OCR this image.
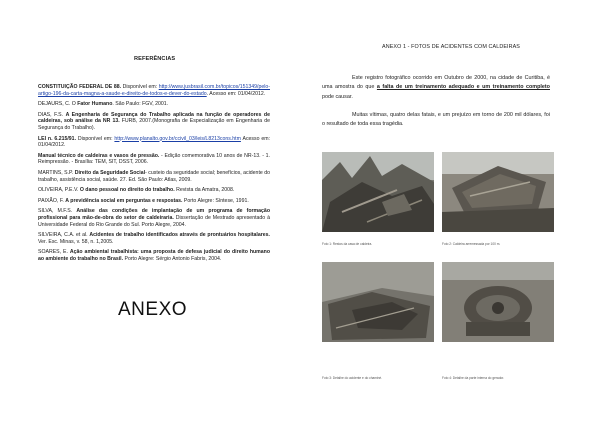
REFERÊNCIAS

CONSTITUIÇÃO FEDERAL DE 88. Disponível em: http://www.jusbrasil.com.br/topicos/151349/pelo-artigo-196-da-carta-magna-a-saude-e-direito-de-todos-e-dever-do-estado. Acesso em: 01/04/2012.

DEJAURS, C. O Fator Humano. São Paulo: FGV, 2001.

DIAS, F.S. A Engenharia de Segurança do Trabalho aplicada na função de operadores de caldeiras, sob análise da NR 13. FURB, 2007.(Monografia de Especialização em Engenharia de Segurança do Trabalho).

LEI n. 6.215/91. Disponível em: http://www.planalto.gov.br/ccivil_03/leis/L8213cons.htm Acesso em: 01/04/2012.

Manual técnico de caldeiras e vasos de pressão. - Edição comemorativa 10 anos de NR-13. - 1. Reimpressão. - Brasília: TEM, SIT, DSST, 2006.

MARTINS, S.P. Direito da Seguridade Social- custeio da seguridade social; benefícios, acidente do trabalho, assistência social, saúde. 27. Ed. São Paulo: Atlas, 2009.

OLIVEIRA, P.E.V. O dano pessoal no direito do trabalho. Revista da Amatra, 2008.

PAIXÃO, F. A previdência social em perguntas e respostas. Porto Alegre: Síntese, 1991.

SILVA, M.F.S. Análise das condições de implantação de um programa de formação profissional para mão-de-obra do setor de caldeiraria. Dissertação de Mestrado apresentado à Universidade Federal do Rio Grande do Sul. Porto Alegre, 2004.

SILVEIRA, C.A. et al. Acidentes de trabalho identificados através de prontuários hospitalares. Ver. Esc. Minas, v. 58, n. 1,2005.

SOARES, E. Ação ambiental trabalhista: uma proposta de defesa judicial do direito humano ao ambiente do trabalho no Brasil. Porto Alegre: Sérgio Antonio Fabris, 2004.

ANEXO
ANEXO 1 - FOTOS DE ACIDENTES COM CALDEIRAS

Este registro fotográfico ocorrido em Outubro de 2000, na cidade de Curitiba, é uma amostra do que a falta de um treinamento adequado e um treinamento completo pode causar.

Muitas vítimas, quatro delas fatais, e um prejuízo em torno de 200 mil dólares, foi o resultado de toda essa tragédia.

Foto 1: Restos da casa de caldeira.	Foto 2: Caldeira arremessada por 100 m.
Foto 3: Detalhe do acidente e do chaminé.	Foto 4: Detalhe da parte interna do gerador.
